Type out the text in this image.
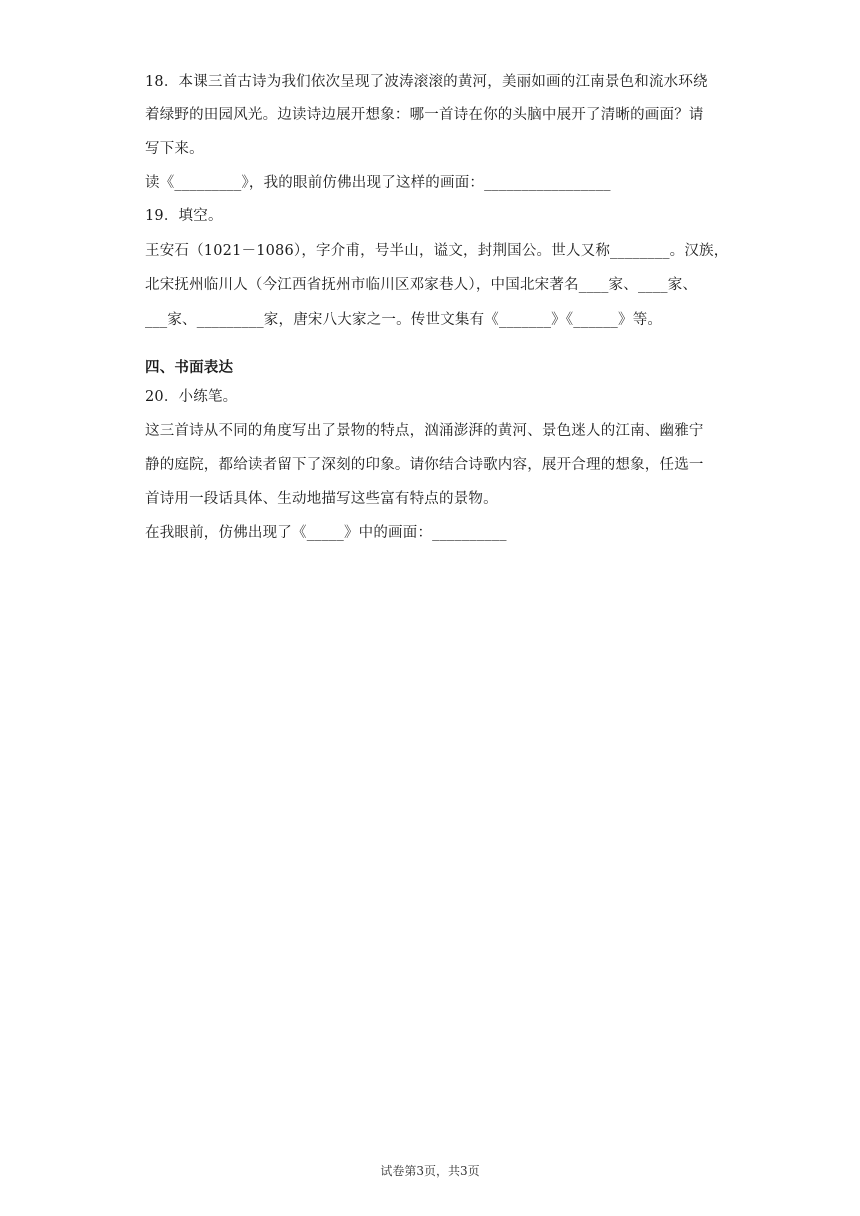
18．本课三首古诗为我们依次呈现了波涛滚滚的黄河，美丽如画的江南景色和流水环绕
着绿野的田园风光。边读诗边展开想象：哪一首诗在你的头脑中展开了清晰的画面？请
写下来。
读《_________》，我的眼前仿佛出现了这样的画面：_________________
19．填空。
王安石（1021－1086），字介甫，号半山，谥文，封荆国公。世人又称________。汉族，
北宋抚州临川人（今江西省抚州市临川区邓家巷人），中国北宋著名____家、____家、
___家、_________家，唐宋八大家之一。传世文集有《_______》《______》等。
四、书面表达
20．小练笔。
这三首诗从不同的角度写出了景物的特点，汹涌澎湃的黄河、景色迷人的江南、幽雅宁
静的庭院，都给读者留下了深刻的印象。请你结合诗歌内容，展开合理的想象，任选一
首诗用一段话具体、生动地描写这些富有特点的景物。
在我眼前，仿佛出现了《_____》中的画面：__________
试卷第3页，共3页
